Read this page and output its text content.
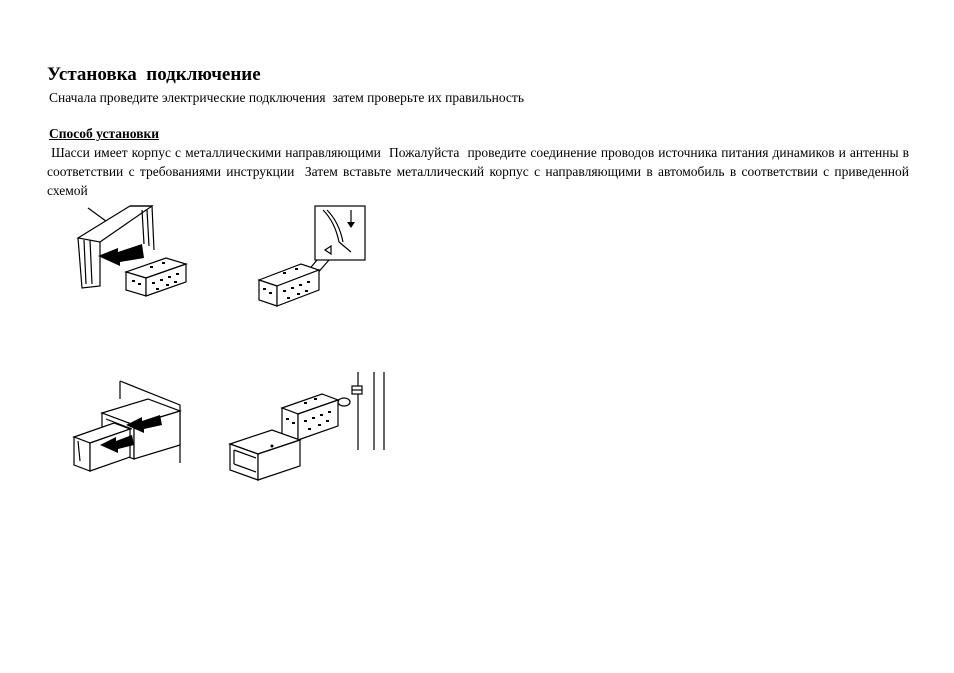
Установка  подключение
Сначала проведите электрические подключения  затем проверьте их правильность
Способ установки

Шасси имеет корпус с металлическими направляющими  Пожалуйста  проведите соединение проводов источника питания динамиков и антенны в соответствии с требованиями инструкции  Затем вставьте металлический корпус с направляющими в автомобиль в соответствии с приведенной схемой
